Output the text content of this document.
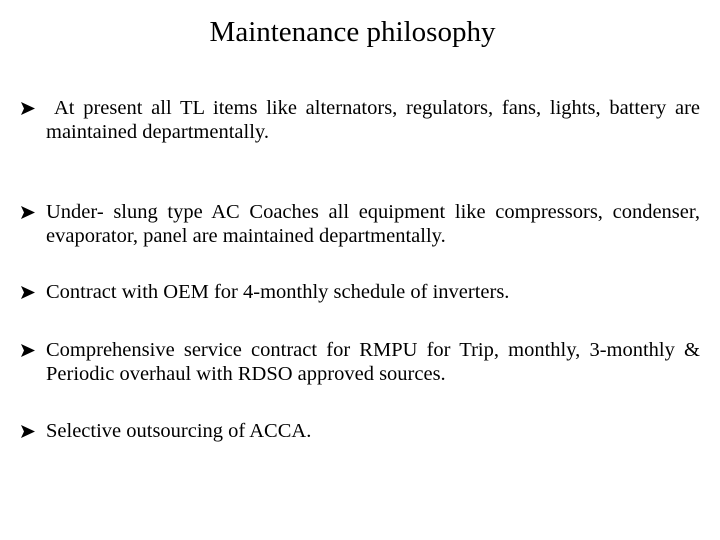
Maintenance philosophy
At present all TL items like alternators, regulators, fans, lights, battery are maintained departmentally.
Under- slung type AC Coaches all equipment like compressors, condenser, evaporator, panel are maintained departmentally.
Contract with OEM for 4-monthly schedule of inverters.
Comprehensive service contract for RMPU for Trip, monthly, 3-monthly & Periodic overhaul with RDSO approved sources.
Selective outsourcing of ACCA.
